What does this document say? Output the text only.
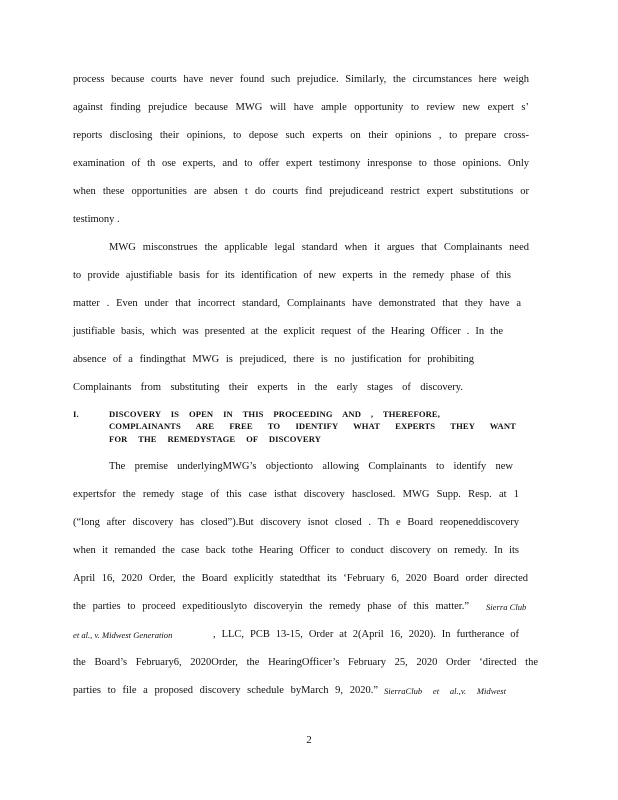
process because courts have never found such prejudice. Similarly, the circumstances here weigh
against finding prejudice because MWG will have ample opportunity to review new expert s’
reports disclosing their opinions, to depose such experts on their opinions , to prepare cross-
examination of th ose experts, and to offer expert testimony inresponse to those opinions. Only
when these opportunities are absen t do courts find prejudiceand restrict expert substitutions or
testimony .
MWG misconstrues the applicable legal standard when it argues that Complainants need
to provide ajustifiable basis for its identification of new experts in the remedy phase of this
matter . Even under that incorrect standard, Complainants have demonstrated that they have a
justifiable basis, which was presented at the explicit request of the Hearing Officer . In the
absence of a findingthat MWG is prejudiced, there is no justification for prohibiting
Complainants from substituting their experts in the early stages of discovery.
I.	DISCOVERY IS OPEN IN THIS PROCEEDING AND , THEREFORE,
COMPLAINANTS ARE FREE TO IDENTIFY WHAT EXPERTS THEY WANT
FOR THE REMEDYSTAGE OF DISCOVERY
The premise underlyingMWG’s objectionto allowing Complainants to identify new
expertsfor the remedy stage of this case isthat discovery hasclosed. MWG Supp. Resp. at 1
(“long after discovery has closed”).But discovery isnot closed . Th e Board reopeneddiscovery
when it remanded the case back tothe Hearing Officer to conduct discovery on remedy. In its
April 16, 2020 Order, the Board explicitly statedthat its ‘February 6, 2020 Board order directed
the parties to proceed expeditiouslyto discoveryin the remedy phase of this matter.” Sierra Club
et al., v. Midwest Generation	, LLC, PCB 13-15, Order at 2(April 16, 2020). In furtherance of
the Board’s February6, 2020Order, the HearingOfficer’s February 25, 2020 Order ‘directed the
parties to file a proposed discovery schedule byMarch 9, 2020.” SierraClub et al.,v. Midwest
2
